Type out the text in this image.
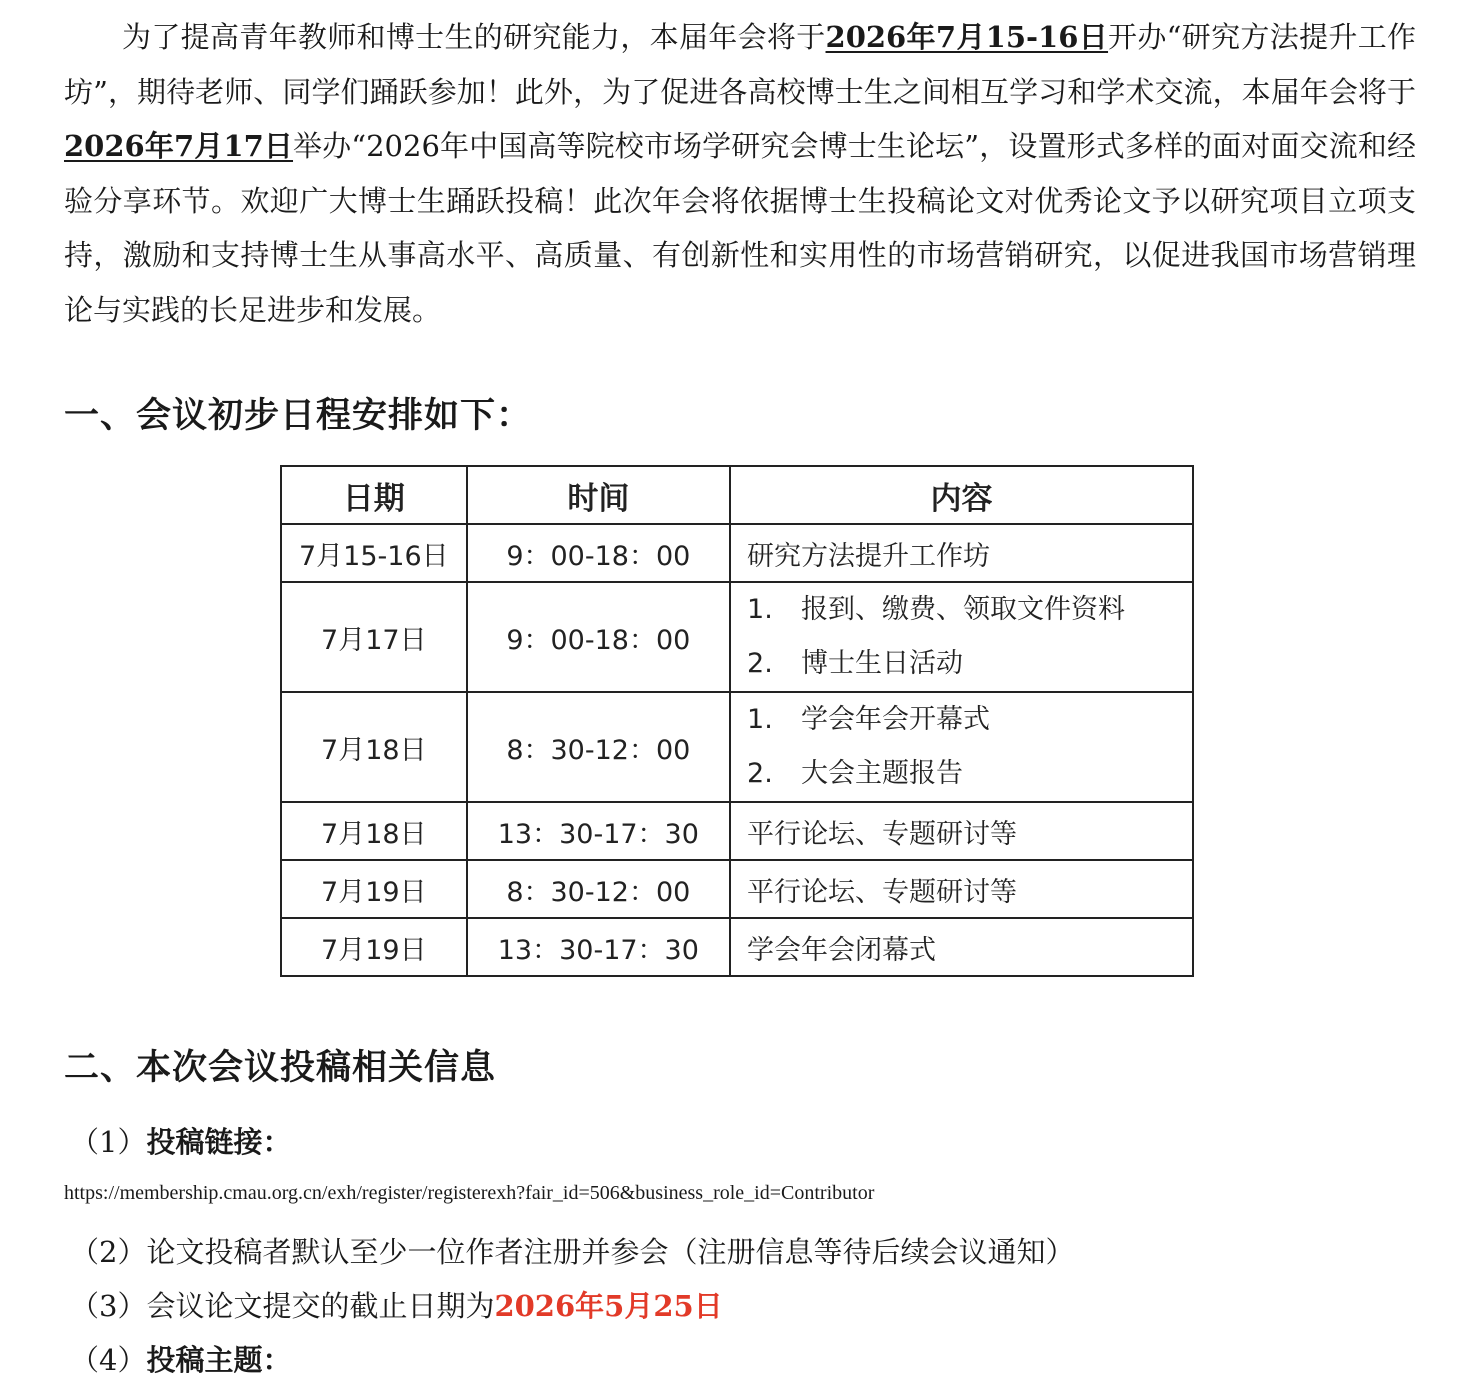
为了提高青年教师和博士生的研究能力，本届年会将于2026年7月15-16日开办“研究方法提升工作坊”，期待老师、同学们踊跃参加！此外，为了促进各高校博士生之间相互学习和学术交流，本届年会将于2026年7月17日举办“2026年中国高等院校市场学研究会博士生论坛”，设置形式多样的面对面交流和经验分享环节。欢迎广大博士生踊跃投稿！此次年会将依据博士生投稿论文对优秀论文予以研究项目立项支持，激励和支持博士生从事高水平、高质量、有创新性和实用性的市场营销研究，以促进我国市场营销理论与实践的长足进步和发展。

一、会议初步日程安排如下：
日期	时间	内容
7月15-16日	9：00-18：00	研究方法提升工作坊
7月17日	9：00-18：00	1. 报到、缴费、领取文件资料
2. 博士生日活动

7月18日	8：30-12：00	1. 学会年会开幕式
2. 大会主题报告

7月18日	13：30-17：30	平行论坛、专题研讨等
7月19日	8：30-12：00	平行论坛、专题研讨等
7月19日	13：30-17：30	学会年会闭幕式
二、本次会议投稿相关信息

（1）投稿链接：

https://membership.cmau.org.cn/exh/register/registerexh?fair_id=506&business_role_id=Contributor

（2）论文投稿者默认至少一位作者注册并参会（注册信息等待后续会议通知）

（3）会议论文提交的截止日期为2026年5月25日

（4）投稿主题：
